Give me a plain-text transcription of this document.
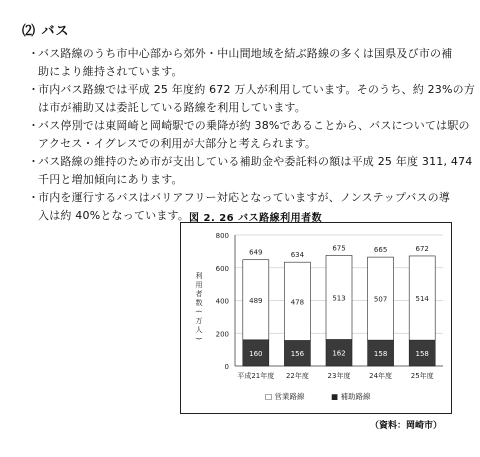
⑵ バス
・バス路線のうち市中心部から郊外・中山間地域を結ぶ路線の多くは国県及び市の補
助により維持されています。
・市内バス路線では平成 25 年度約 672 万人が利用しています。そのうち、約 23%の方
は市が補助又は委託している路線を利用しています。
・バス停別では東岡崎と岡崎駅での乗降が約 38%であることから、バスについては駅の
アクセス・イグレスでの利用が大部分と考えられます。
・バス路線の維持のため市が支出している補助金や委託料の額は平成 25 年度 311, 474
千円と増加傾向にあります。
・市内を運行するバスはバリアフリー対応となっていますが、ノンステップバスの導
入は約 40%となっています。 図 2. 26 バス路線利用者数
0
200
400
600
800
利
用
者
数
(
万
人
)
160
489
649
平成21年度
156
478
634
22年度
162
513
675
23年度
158
507
665
24年度
158
514
672
25年度
□ 営業路線	■ 補助路線
（資料：岡崎市）
